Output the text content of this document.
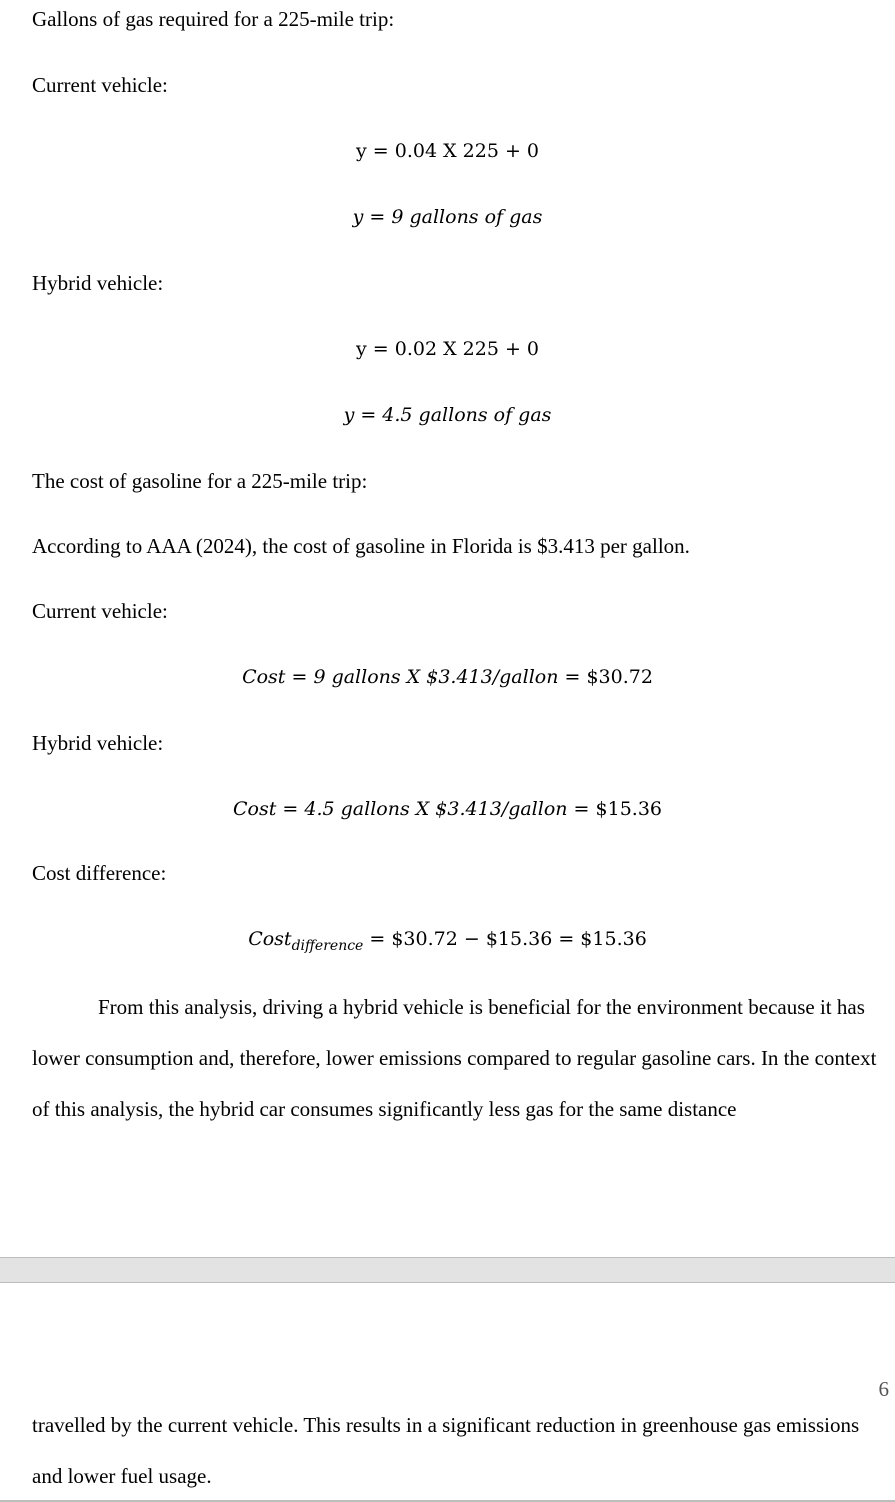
Gallons of gas required for a 225-mile trip:
Current vehicle:
y = 0.04 X 225 + 0
y = 9 gallons of gas
Hybrid vehicle:
y = 0.02 X 225 + 0
y = 4.5 gallons of gas
The cost of gasoline for a 225-mile trip:
According to AAA (2024), the cost of gasoline in Florida is $3.413 per gallon.
Current vehicle:
Cost = 9 gallons X $3.413/gallon = $30.72
Hybrid vehicle:
Cost = 4.5 gallons X $3.413/gallon = $15.36
Cost difference:
Cost$_{difference}$ = $30.72 − $15.36 = $15.36

From this analysis, driving a hybrid vehicle is beneficial for the environment because it has lower consumption and, therefore, lower emissions compared to regular gasoline cars. In the context of this analysis, the hybrid car consumes significantly less gas for the same distance

6

travelled by the current vehicle. This results in a significant reduction in greenhouse gas emissions and lower fuel usage.
